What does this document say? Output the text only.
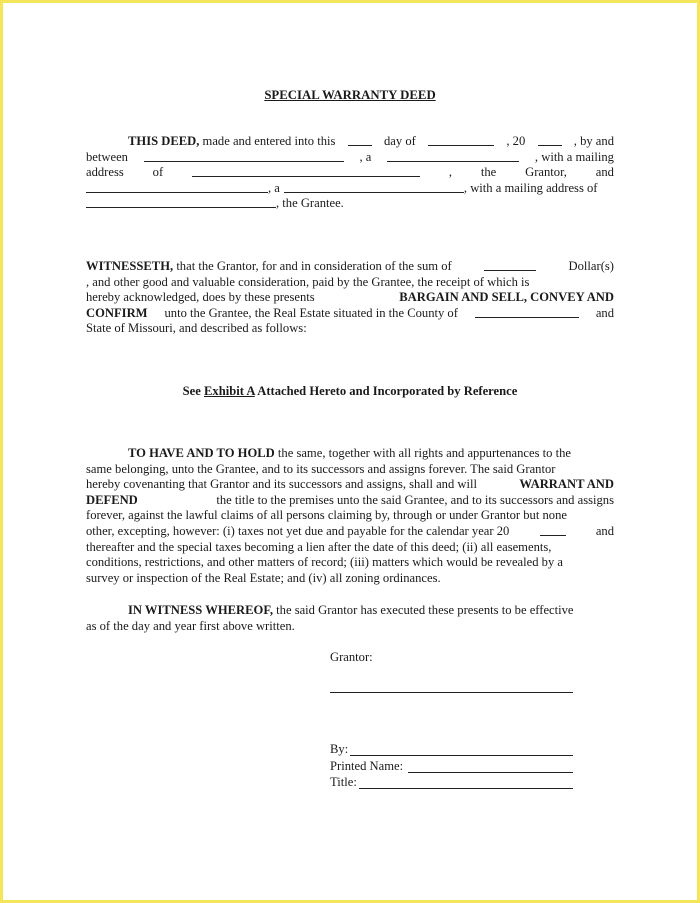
SPECIAL WARRANTY DEED
THIS DEED, made and entered into this	day of	, 20	, by and
between	, a	, with a mailing
address of	, the Grantor, and
, a	, with a mailing address of
, the Grantee.
WITNESSETH, that the Grantor, for and in consideration of the sum of	Dollar(s)
, and other good and valuable consideration, paid by the Grantee, the receipt of which is
hereby acknowledged, does by these presents	BARGAIN AND SELL, CONVEY AND
CONFIRM unto the Grantee, the Real Estate situated in the County of	and
State of Missouri, and described as follows:
See Exhibit A Attached Hereto and Incorporated by Reference
TO HAVE AND TO HOLD the same, together with all rights and appurtenances to the
same belonging, unto the Grantee, and to its successors and assigns forever. The said Grantor
hereby covenanting that Grantor and its successors and assigns, shall and will	WARRANT AND
DEFEND	the title to the premises unto the said Grantee, and to its successors and assigns
forever, against the lawful claims of all persons claiming by, through or under Grantor but none
other, excepting, however: (i) taxes not yet due and payable for the calendar year 20	and
thereafter and the special taxes becoming a lien after the date of this deed; (ii) all easements,
conditions, restrictions, and other matters of record; (iii) matters which would be revealed by a
survey or inspection of the Real Estate; and (iv) all zoning ordinances.
IN WITNESS WHEREOF, the said Grantor has executed these presents to be effective
as of the day and year first above written.
Grantor:
By:
Printed Name:
Title:
